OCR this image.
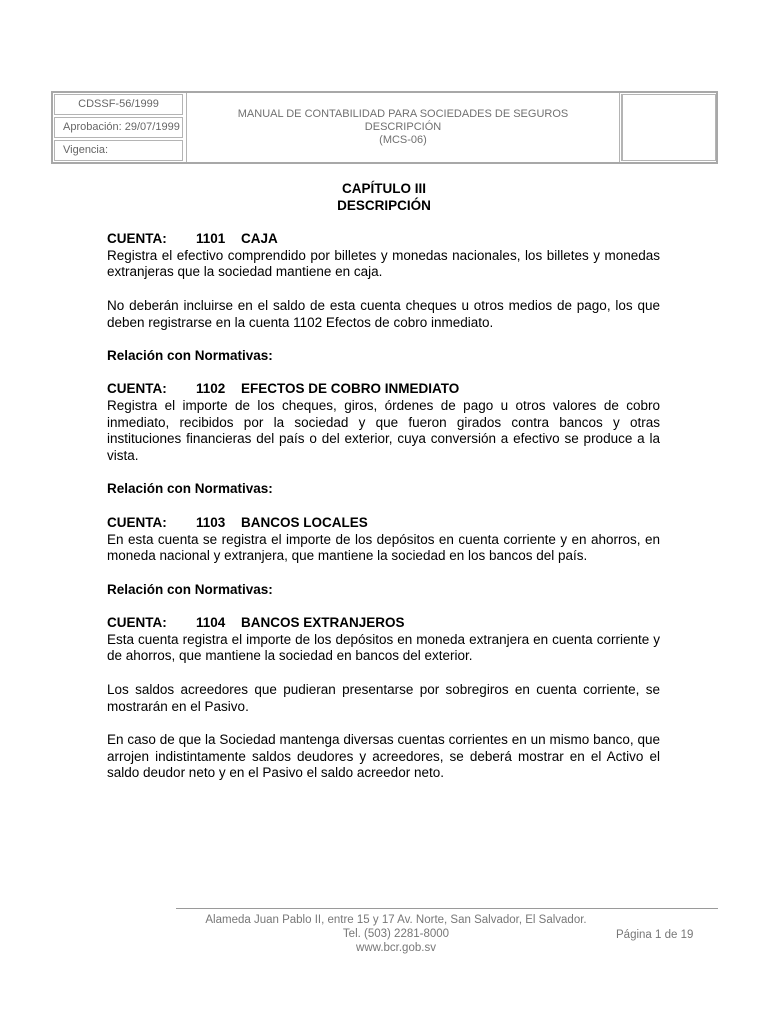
CDSSF-56/1999
Aprobación: 29/07/1999
Vigencia:
MANUAL DE CONTABILIDAD PARA SOCIEDADES DE SEGUROS
DESCRIPCIÓN
(MCS-06)
CAPÍTULO III
DESCRIPCIÓN
CUENTA: 1101 CAJA

Registra el efectivo comprendido por billetes y monedas nacionales, los billetes y monedas extranjeras que la sociedad mantiene en caja.

No deberán incluirse en el saldo de esta cuenta cheques u otros medios de pago, los que deben registrarse en la cuenta 1102 Efectos de cobro inmediato.

Relación con Normativas:
CUENTA: 1102 EFECTOS DE COBRO INMEDIATO

Registra el importe de los cheques, giros, órdenes de pago u otros valores de cobro inmediato, recibidos por la sociedad y que fueron girados contra bancos y otras instituciones financieras del país o del exterior, cuya conversión a efectivo se produce a la vista.

Relación con Normativas:
CUENTA: 1103 BANCOS LOCALES

En esta cuenta se registra el importe de los depósitos en cuenta corriente y en ahorros, en moneda nacional y extranjera, que mantiene la sociedad en los bancos del país.

Relación con Normativas:
CUENTA: 1104 BANCOS EXTRANJEROS

Esta cuenta registra el importe de los depósitos en moneda extranjera en cuenta corriente y de ahorros, que mantiene la sociedad en bancos del exterior.

Los saldos acreedores que pudieran presentarse por sobregiros en cuenta corriente, se mostrarán en el Pasivo.

En caso de que la Sociedad mantenga diversas cuentas corrientes en un mismo banco, que arrojen indistintamente saldos deudores y acreedores, se deberá mostrar en el Activo el saldo deudor neto y en el Pasivo el saldo acreedor neto.

Alameda Juan Pablo II, entre 15 y 17 Av. Norte, San Salvador, El Salvador.
Tel. (503) 2281-8000
www.bcr.gob.sv
Página 1 de 19
